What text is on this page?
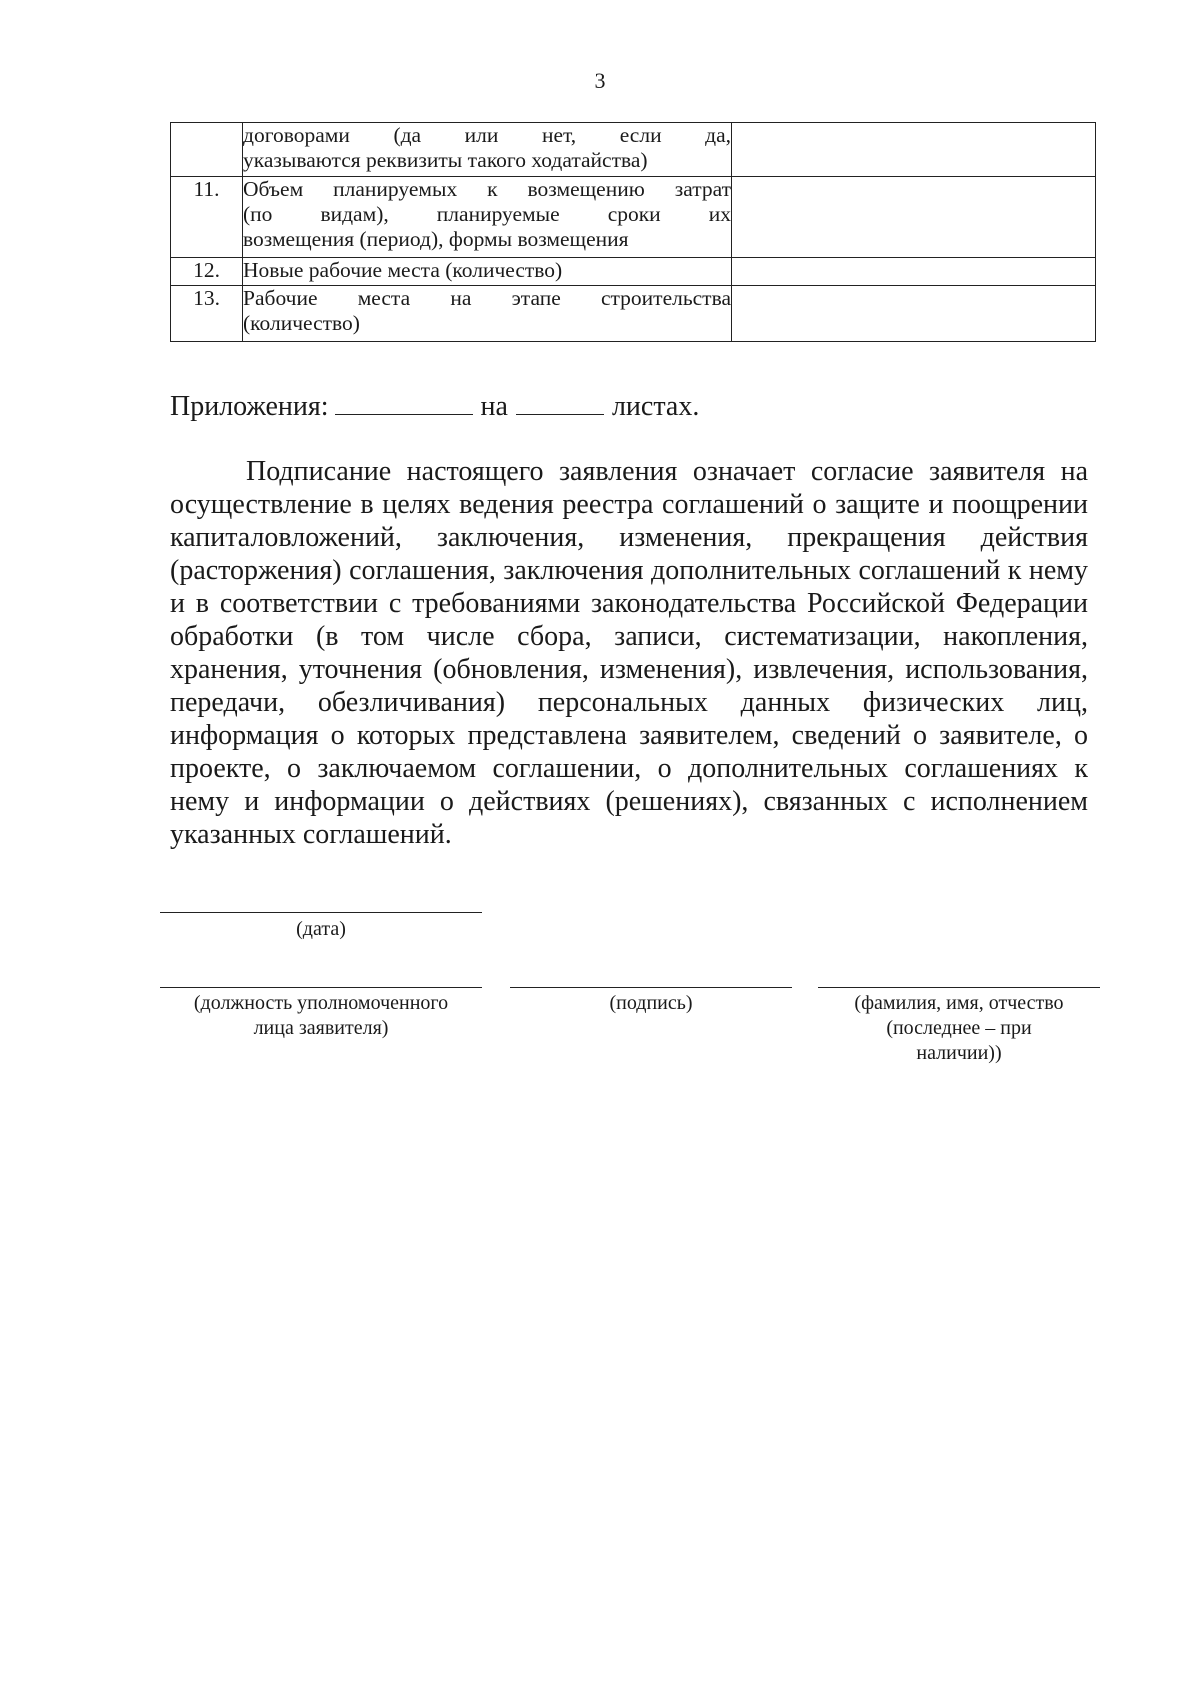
3

	договорами (да или нет, если да,
указываются реквизиты такого ходатайства)	

11.	Объем планируемых к возмещению затрат
(по видам), планируемые сроки их
возмещения (период), формы возмещения	

12.	Новые рабочие места (количество)	

13.	Рабочие места на этапе строительства
(количество)	

Приложения:	на	листах.

Подписание настоящего заявления означает согласие заявителя на осуществление в целях ведения реестра соглашений о защите и поощрении капиталовложений, заключения, изменения, прекращения действия (расторжения) соглашения, заключения дополнительных соглашений к нему и в соответствии с требованиями законодательства Российской Федерации обработки (в том числе сбора, записи, систематизации, накопления, хранения, уточнения (обновления, изменения), извлечения, использования, передачи, обезличивания) персональных данных физических лиц, информация о которых представлена заявителем, сведений о заявителе, о проекте, о заключаемом соглашении, о дополнительных соглашениях к нему и информации о действиях (решениях), связанных с исполнением указанных соглашений.

(дата)
(должность уполномоченного
лица заявителя)
(подпись)	(фамилия, имя, отчество
(последнее – при
наличии))
